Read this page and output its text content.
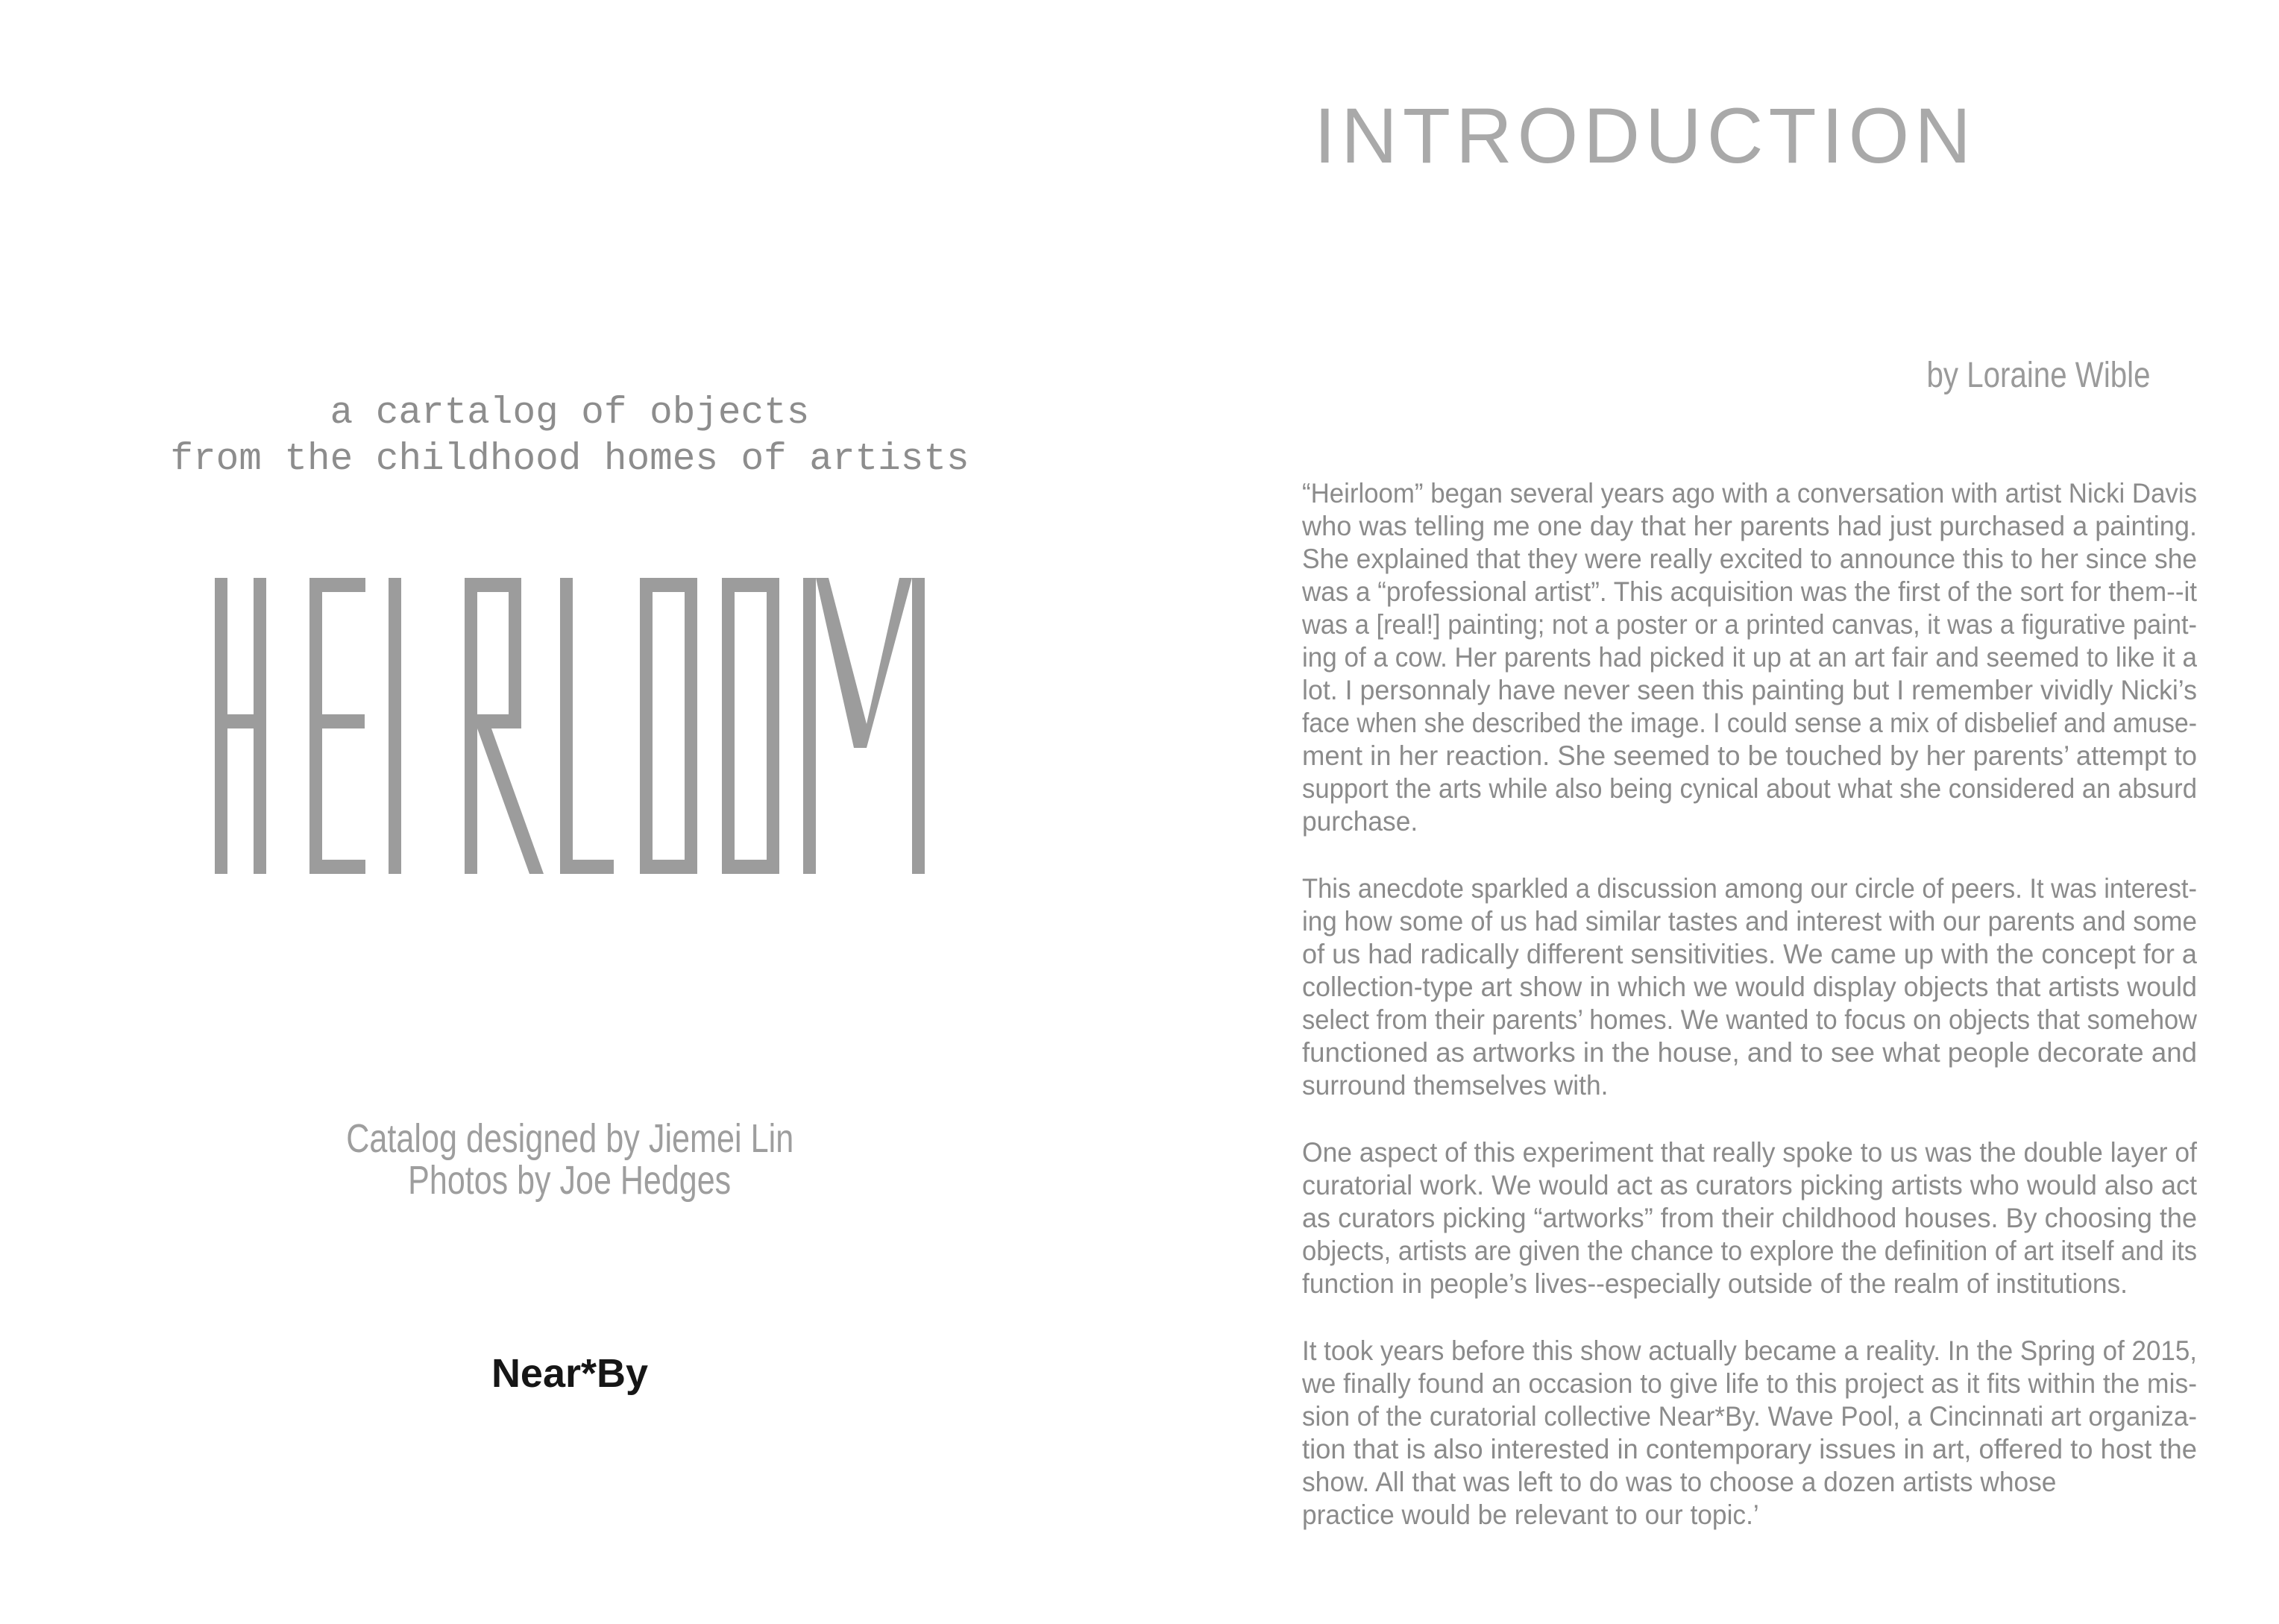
a cartalog of objects
from the childhood homes of artists
Catalog designed by Jiemei Lin
Photos by Joe Hedges
Near*By
INTRODUCTION
by Loraine Wible
“Heirloom” began several years ago with a conversation with artist Nicki Davis
who was telling me one day that her parents had just purchased a painting.
She explained that they were really excited to announce this to her since she
was a “professional artist”. This acquisition was the first of the sort for them--it
was a [real!] painting; not a poster or a printed canvas, it was a figurative paint-
ing of a cow. Her parents had picked it up at an art fair and seemed to like it a
lot. I personnaly have never seen this painting but I remember vividly Nicki’s
face when she described the image. I could sense a mix of disbelief and amuse-
ment in her reaction. She seemed to be touched by her parents’ attempt to
support the arts while also being cynical about what she considered an absurd
purchase.
This anecdote sparkled a discussion among our circle of peers. It was interest-
ing how some of us had similar tastes and interest with our parents and some
of us had radically different sensitivities. We came up with the concept for a
collection-type art show in which we would display objects that artists would
select from their parents’ homes. We wanted to focus on objects that somehow
functioned as artworks in the house, and to see what people decorate and
surround themselves with.
One aspect of this experiment that really spoke to us was the double layer of
curatorial work. We would act as curators picking artists who would also act
as curators picking “artworks” from their childhood houses. By choosing the
objects, artists are given the chance to explore the definition of art itself and its
function in people’s lives--especially outside of the realm of institutions.
It took years before this show actually became a reality. In the Spring of 2015,
we finally found an occasion to give life to this project as it fits within the mis-
sion of the curatorial collective Near*By. Wave Pool, a Cincinnati art organiza-
tion that is also interested in contemporary issues in art, offered to host the
show. All that was left to do was to choose a dozen artists whose
practice would be relevant to our topic.’
